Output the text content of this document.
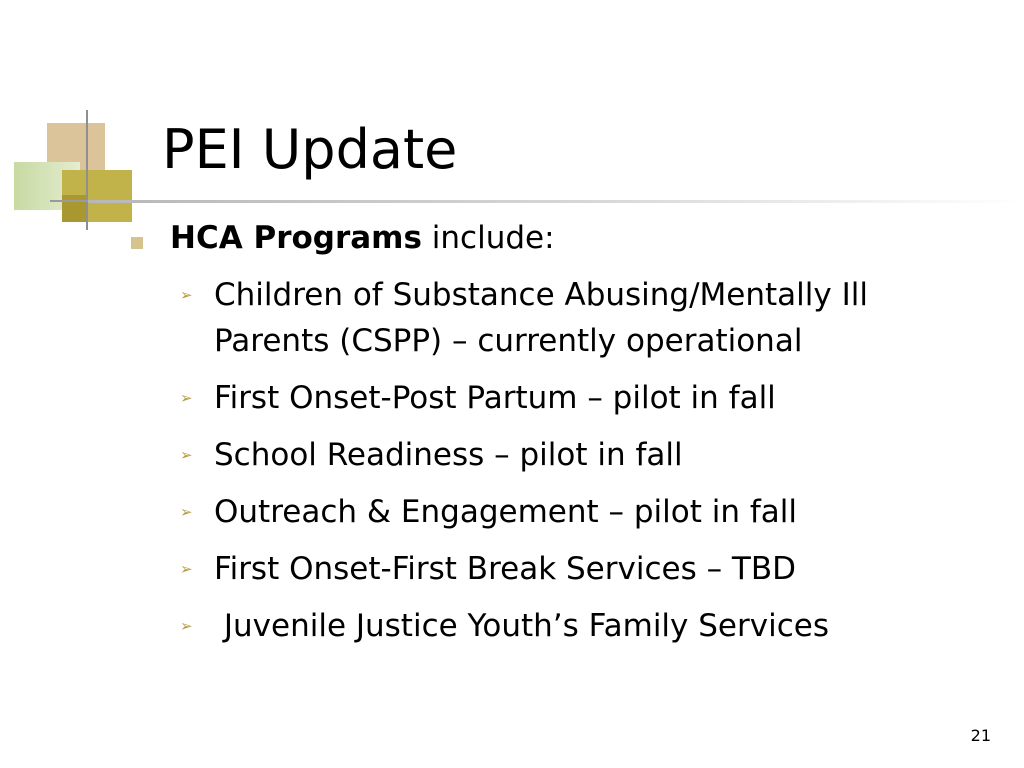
PEI Update
HCA Programs include:
➢ Children of Substance Abusing/Mentally Ill Parents (CSPP) – currently operational
➢ First Onset-Post Partum – pilot in fall
➢ School Readiness – pilot in fall
➢ Outreach & Engagement – pilot in fall
➢ First Onset-First Break Services – TBD
➢ Juvenile Justice Youth’s Family Services
21
